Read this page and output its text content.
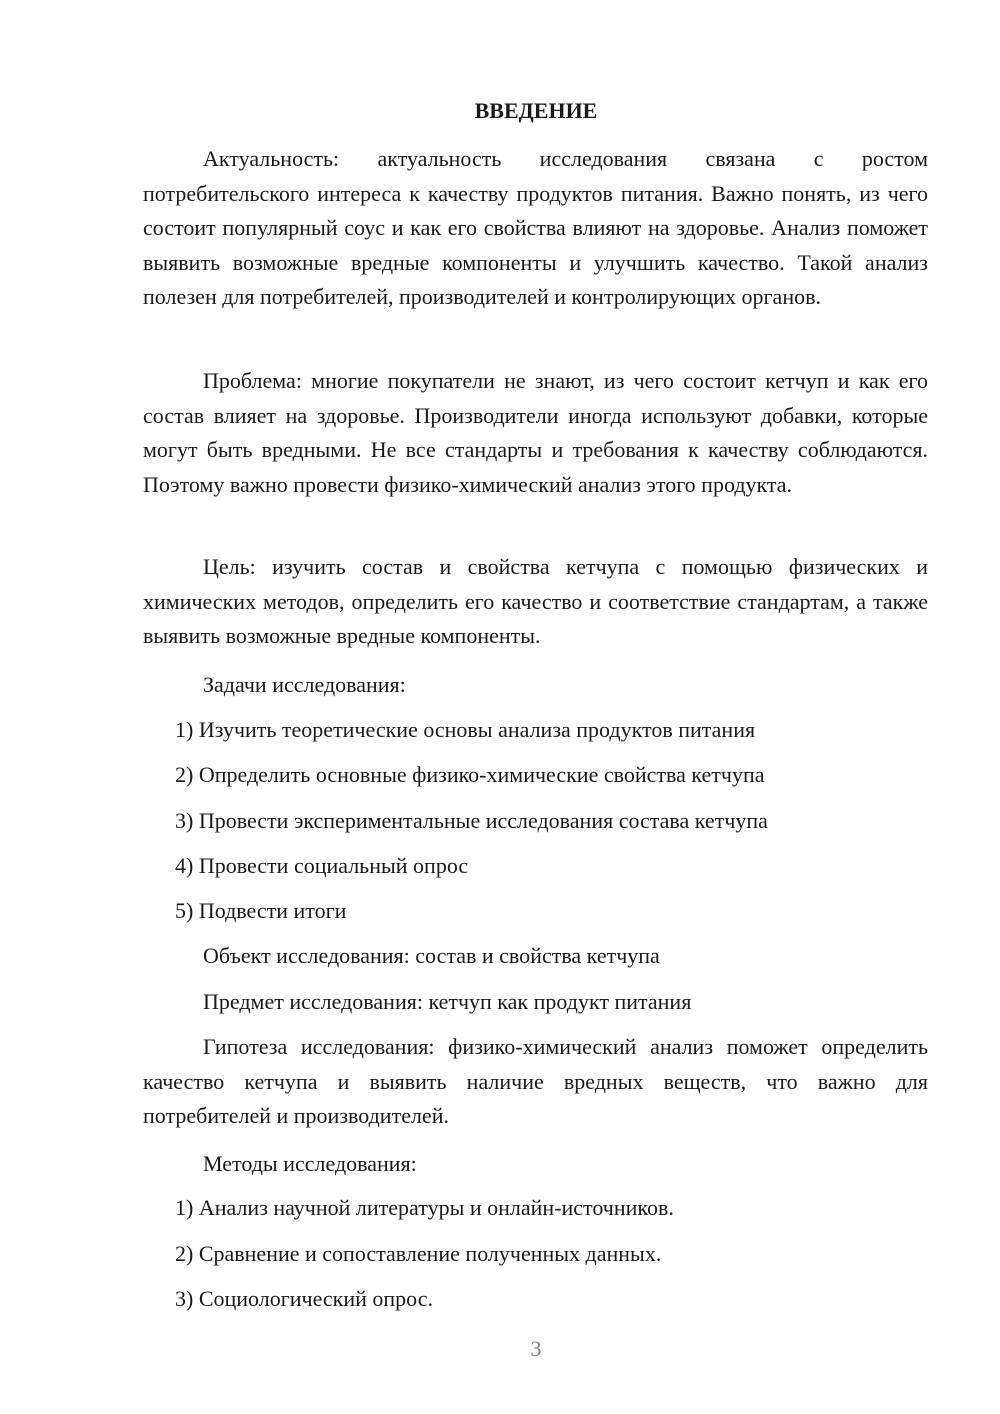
ВВЕДЕНИЕ

Актуальность: актуальность исследования связана с ростом потребительского интереса к качеству продуктов питания. Важно понять, из чего состоит популярный соус и как его свойства влияют на здоровье. Анализ поможет выявить возможные вредные компоненты и улучшить качество. Такой анализ полезен для потребителей, производителей и контролирующих органов.

Проблема: многие покупатели не знают, из чего состоит кетчуп и как его состав влияет на здоровье. Производители иногда используют добавки, которые могут быть вредными. Не все стандарты и требования к качеству соблюдаются. Поэтому важно провести физико-химический анализ этого продукта.

Цель: изучить состав и свойства кетчупа с помощью физических и химических методов, определить его качество и соответствие стандартам, а также выявить возможные вредные компоненты.

Задачи исследования:

1) Изучить теоретические основы анализа продуктов питания

2) Определить основные физико-химические свойства кетчупа

3) Провести экспериментальные исследования состава кетчупа

4) Провести социальный опрос

5) Подвести итоги

Объект исследования: состав и свойства кетчупа

Предмет исследования: кетчуп как продукт питания

Гипотеза исследования: физико-химический анализ поможет определить качество кетчупа и выявить наличие вредных веществ, что важно для потребителей и производителей.

Методы исследования:

1) Анализ научной литературы и онлайн-источников.

2) Сравнение и сопоставление полученных данных.

3) Социологический опрос.

3
